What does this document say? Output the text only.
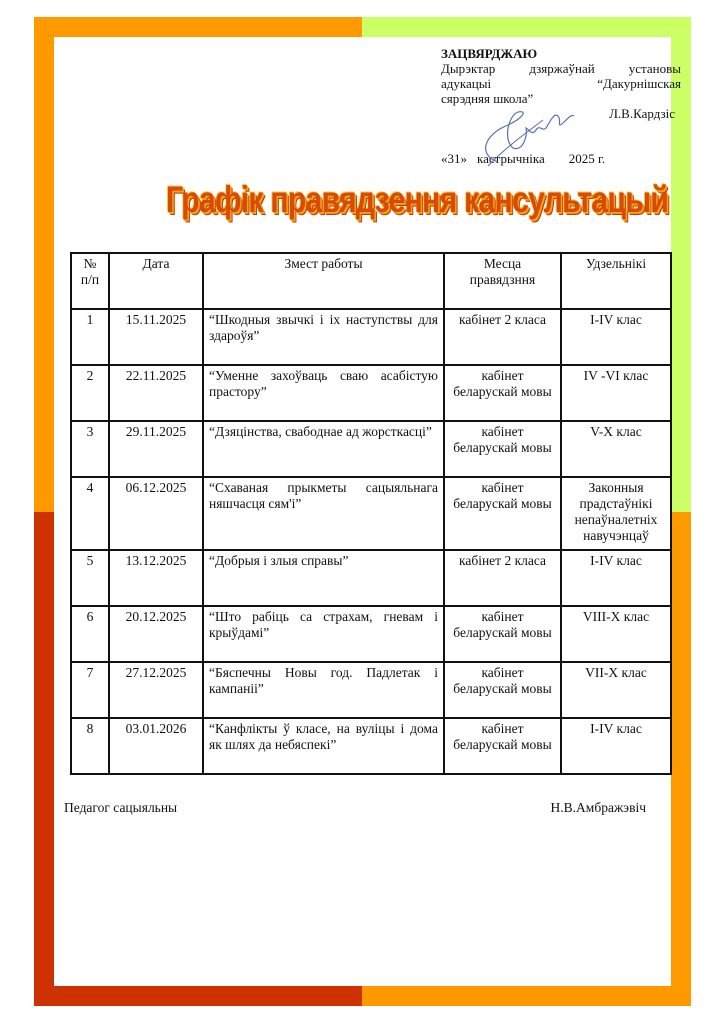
ЗАЦВЯРДЖАЮ
Дырэктар дзяржаўнай установы
адукацыі	“Дакурнішская
сярэдняя школа”
Л.В.Кардзіс
«31» кастрычніка 2025 г.
Графік правядзення кансультацый
№ п/п	Дата	Змест работы	Месца правядзння	Удзельнікі
1	15.11.2025	“Шкодныя звычкі і іх наступствы для здароўя”	кабінет 2 класа	I-IV клас
2	22.11.2025	“Уменне захоўваць сваю асабістую прастору”	кабінет беларускай мовы	IV -VI клас
3	29.11.2025	“Дзяцінства, свабоднае ад жорсткасці”	кабінет беларускай мовы	V-X клас
4	06.12.2025	“Схаваная прыкметы сацыяльнага няшчасця сям'і”	кабінет беларускай мовы	Законныя прадстаўнікі непаўналетніх навучэнцаў
5	13.12.2025	“Добрыя і злыя справы”	кабінет 2 класа	I-IV клас
6	20.12.2025	“Што рабіць са страхам, гневам і крыўдамі”	кабінет беларускай мовы	VIII-X клас
7	27.12.2025	“Бяспечны Новы год. Падлетак і кампаніі”	кабінет беларускай мовы	VII-X клас
8	03.01.2026	“Канфлікты ў класе, на вуліцы і дома як шлях да небяспекі”	кабінет беларускай мовы	I-IV клас
Педагог сацыяльны	Н.В.Амбражэвіч
